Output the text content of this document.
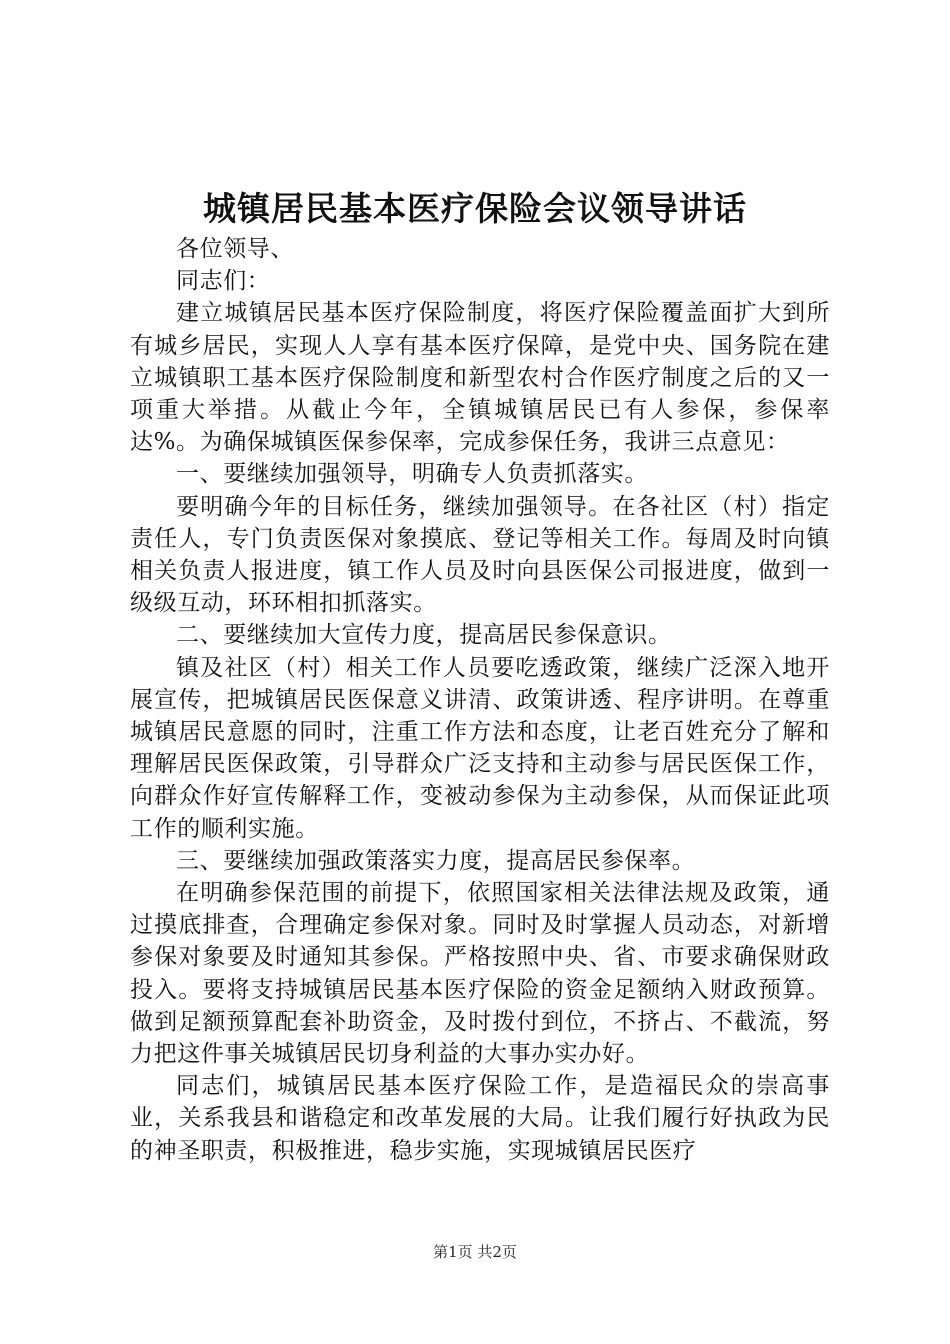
城镇居民基本医疗保险会议领导讲话

各位领导、

同志们：

建立城镇居民基本医疗保险制度，将医疗保险覆盖面扩大到所有城乡居民，实现人人享有基本医疗保障，是党中央、国务院在建立城镇职工基本医疗保险制度和新型农村合作医疗制度之后的又一项重大举措。从截止今年，全镇城镇居民已有人参保，参保率达%。为确保城镇医保参保率，完成参保任务，我讲三点意见：

一、要继续加强领导，明确专人负责抓落实。

要明确今年的目标任务，继续加强领导。在各社区（村）指定责任人，专门负责医保对象摸底、登记等相关工作。每周及时向镇相关负责人报进度，镇工作人员及时向县医保公司报进度，做到一级级互动，环环相扣抓落实。

二、要继续加大宣传力度，提高居民参保意识。

镇及社区（村）相关工作人员要吃透政策，继续广泛深入地开展宣传，把城镇居民医保意义讲清、政策讲透、程序讲明。在尊重城镇居民意愿的同时，注重工作方法和态度，让老百姓充分了解和理解居民医保政策，引导群众广泛支持和主动参与居民医保工作，向群众作好宣传解释工作，变被动参保为主动参保，从而保证此项工作的顺利实施。

三、要继续加强政策落实力度，提高居民参保率。

在明确参保范围的前提下，依照国家相关法律法规及政策，通过摸底排查，合理确定参保对象。同时及时掌握人员动态，对新增参保对象要及时通知其参保。严格按照中央、省、市要求确保财政投入。要将支持城镇居民基本医疗保险的资金足额纳入财政预算。做到足额预算配套补助资金，及时拨付到位，不挤占、不截流，努力把这件事关城镇居民切身利益的大事办实办好。

同志们，城镇居民基本医疗保险工作，是造福民众的崇高事业，关系我县和谐稳定和改革发展的大局。让我们履行好执政为民的神圣职责，积极推进，稳步实施，实现城镇居民医疗

第1页 共2页
